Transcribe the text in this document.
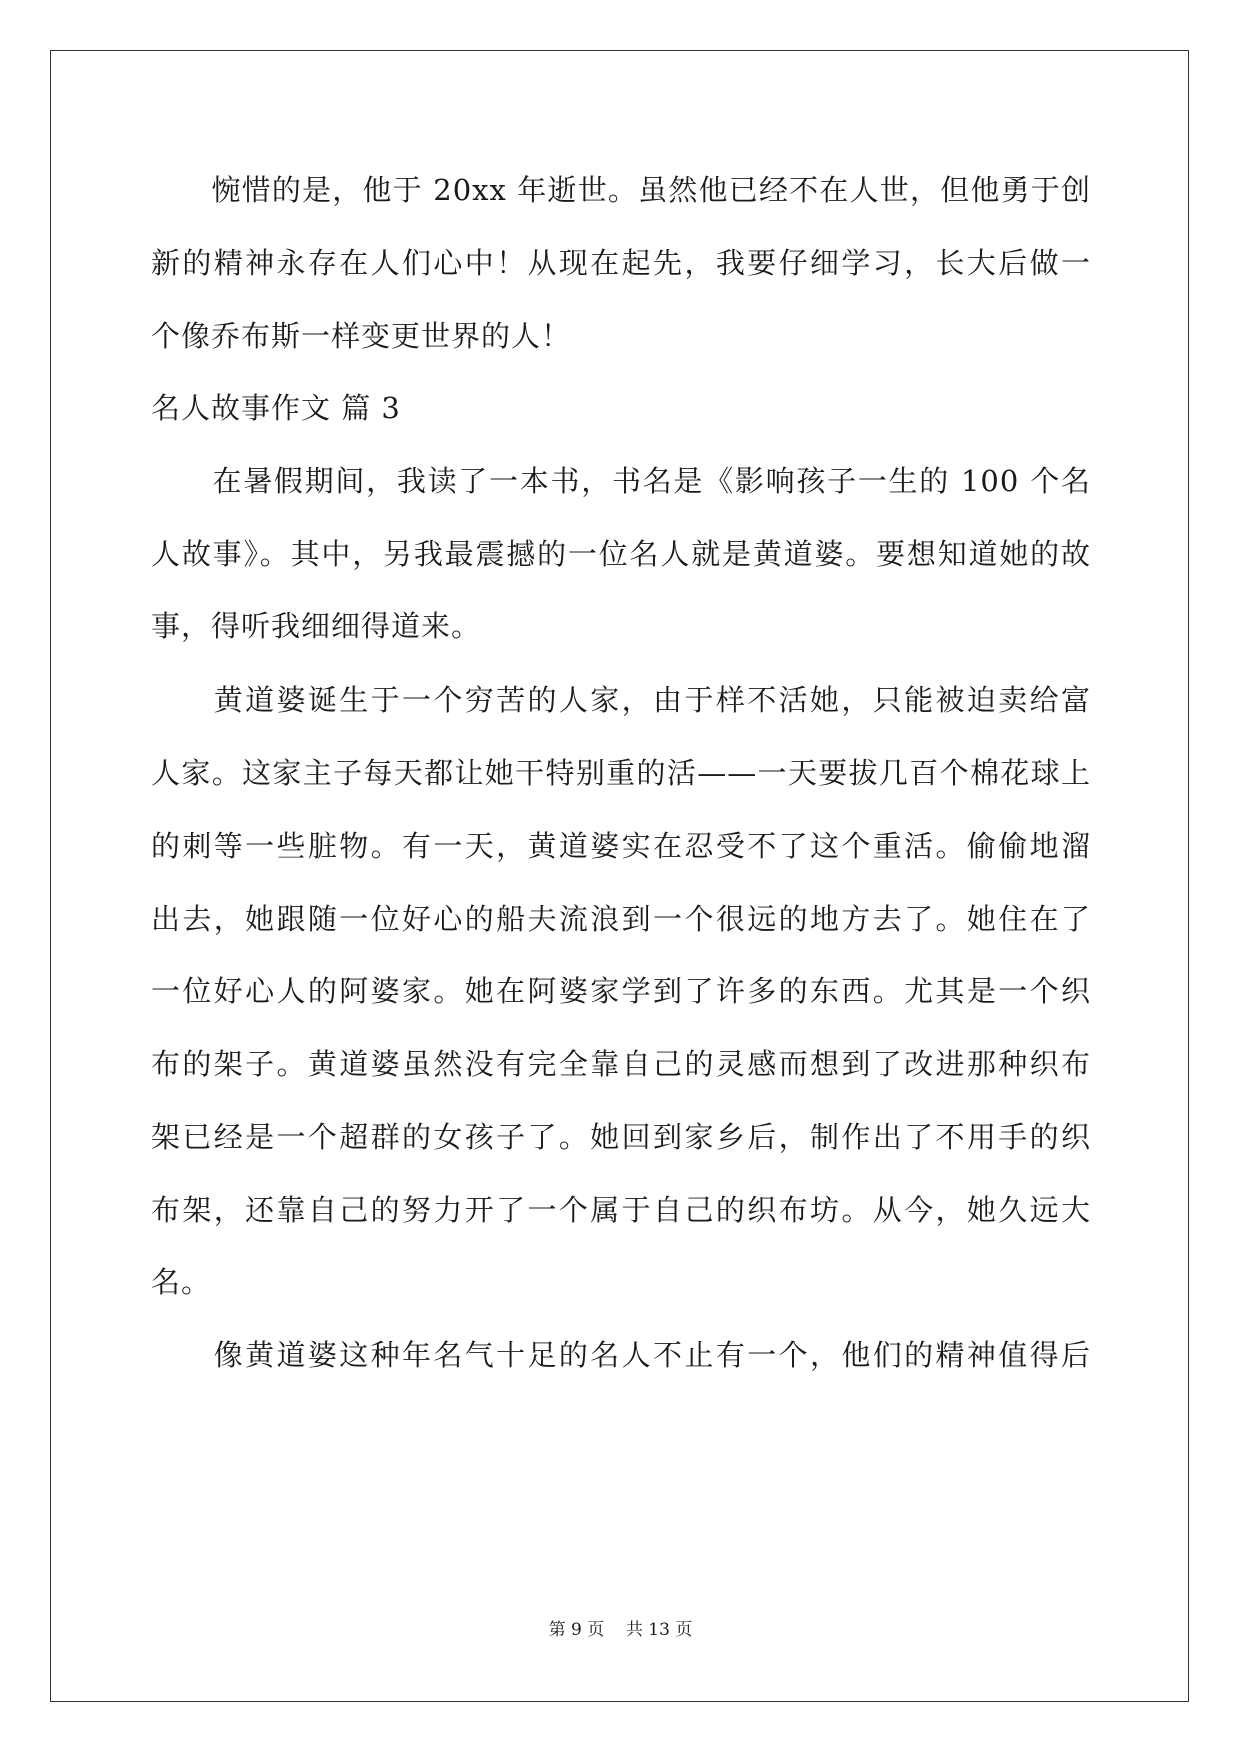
　　惋惜的是，他于 20xx 年逝世。虽然他已经不在人世，但他勇于创
新的精神永存在人们心中！从现在起先，我要仔细学习，长大后做一
个像乔布斯一样变更世界的人！
名人故事作文 篇 3
　　在暑假期间，我读了一本书，书名是《影响孩子一生的 100 个名
人故事》。其中，另我最震撼的一位名人就是黄道婆。要想知道她的故
事，得听我细细得道来。
　　黄道婆诞生于一个穷苦的人家，由于样不活她，只能被迫卖给富
人家。这家主子每天都让她干特别重的活——一天要拔几百个棉花球上
的刺等一些脏物。有一天，黄道婆实在忍受不了这个重活。偷偷地溜
出去，她跟随一位好心的船夫流浪到一个很远的地方去了。她住在了
一位好心人的阿婆家。她在阿婆家学到了许多的东西。尤其是一个织
布的架子。黄道婆虽然没有完全靠自己的灵感而想到了改进那种织布
架已经是一个超群的女孩子了。她回到家乡后，制作出了不用手的织
布架，还靠自己的努力开了一个属于自己的织布坊。从今，她久远大
名。
　　像黄道婆这种年名气十足的名人不止有一个，他们的精神值得后
第 9 页 共 13 页
